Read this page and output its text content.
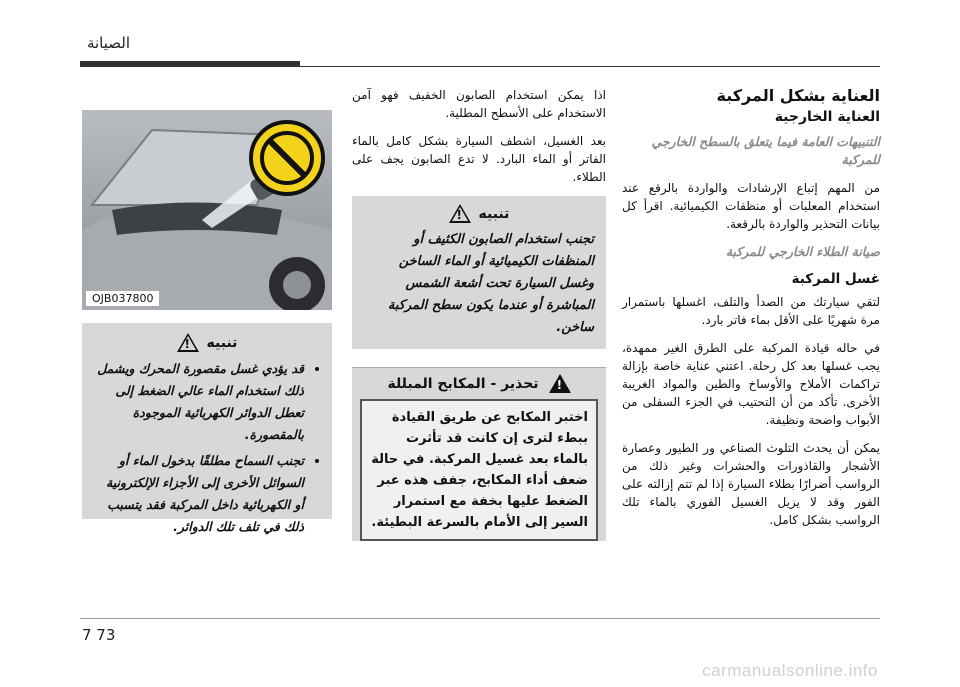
الصيانة
العناية بشكل المركبة
العناية الخارجية
التنبيهات العامة فيما يتعلق بالسطح الخارجي للمركبة
من المهم إتباع الإرشادات والواردة بالرقع عند استخدام المعلبات أو منظفات الكيميائية. اقرأ كل بيانات التحذير والواردة بالرقعة.
صيانة الطلاء الخارجي للمركبة
غسل المركبة
لتقي سيارتك من الصدأ والتلف، اغسلها باستمرار مرة شهريًا على الأقل بماء فاتر بارد.
في حاله قيادة المركبة على الطرق الغير ممهدة، يجب غسلها بعد كل رحلة. اعتني عناية خاصة بإزالة تراكمات الأملاح والأوساخ والطين والمواد الغريبة الأخرى. تأكد من أن التحتيب في الجزء السفلى من الأبواب واضحة ونظيفة.
يمكن أن يحدث التلوث الصناعي ور الطيور وعصارة الأشجار والقاذورات والحشرات وغير ذلك من الرواسب أضرارًا بطلاء السيارة إذا لم تتم إزالته على الفور وقد لا يزيل الغسيل الفوري بالماء تلك الرواسب بشكل كامل.
اذا يمكن استخدام الصابون الخفيف فهو آمن الاستخدام على الأسطح المطلية.
بعد الغسيل، اشطف السيارة بشكل كامل بالماء الفاتر أو الماء البارد. لا تدع الصابون يجف على الطلاء.
تنبيه
!
تجنب استخدام الصابون الكثيف أو المنظفات الكيميائية أو الماء الساخن وغسل السيارة تحت أشعة الشمس المباشرة أو عندما يكون سطح المركبة ساخن.
!
تحذير - المكابح المبللة
اختبر المكابح عن طريق القيادة ببطء لترى إن كانت قد تأثرت بالماء بعد غسيل المركبة. في حالة ضعف أداء المكابح، جفف هذه عبر الضغط عليها بخفة مع استمرار السير إلى الأمام بالسرعة البطيئة.
OJB037800
تنبيه
!
• قد يؤدي غسل مقصورة المحرك ويشمل ذلك استخدام الماء عالي الضغط إلى تعطل الدوائر الكهربائية الموجودة بالمقصورة.
• تجنب السماح مطلقًا بدخول الماء أو السوائل الأخرى إلى الأجزاء الإلكترونية أو الكهربائية داخل المركبة فقد يتسبب ذلك في تلف تلك الدوائر.
7 73
carmanualsonline.info
